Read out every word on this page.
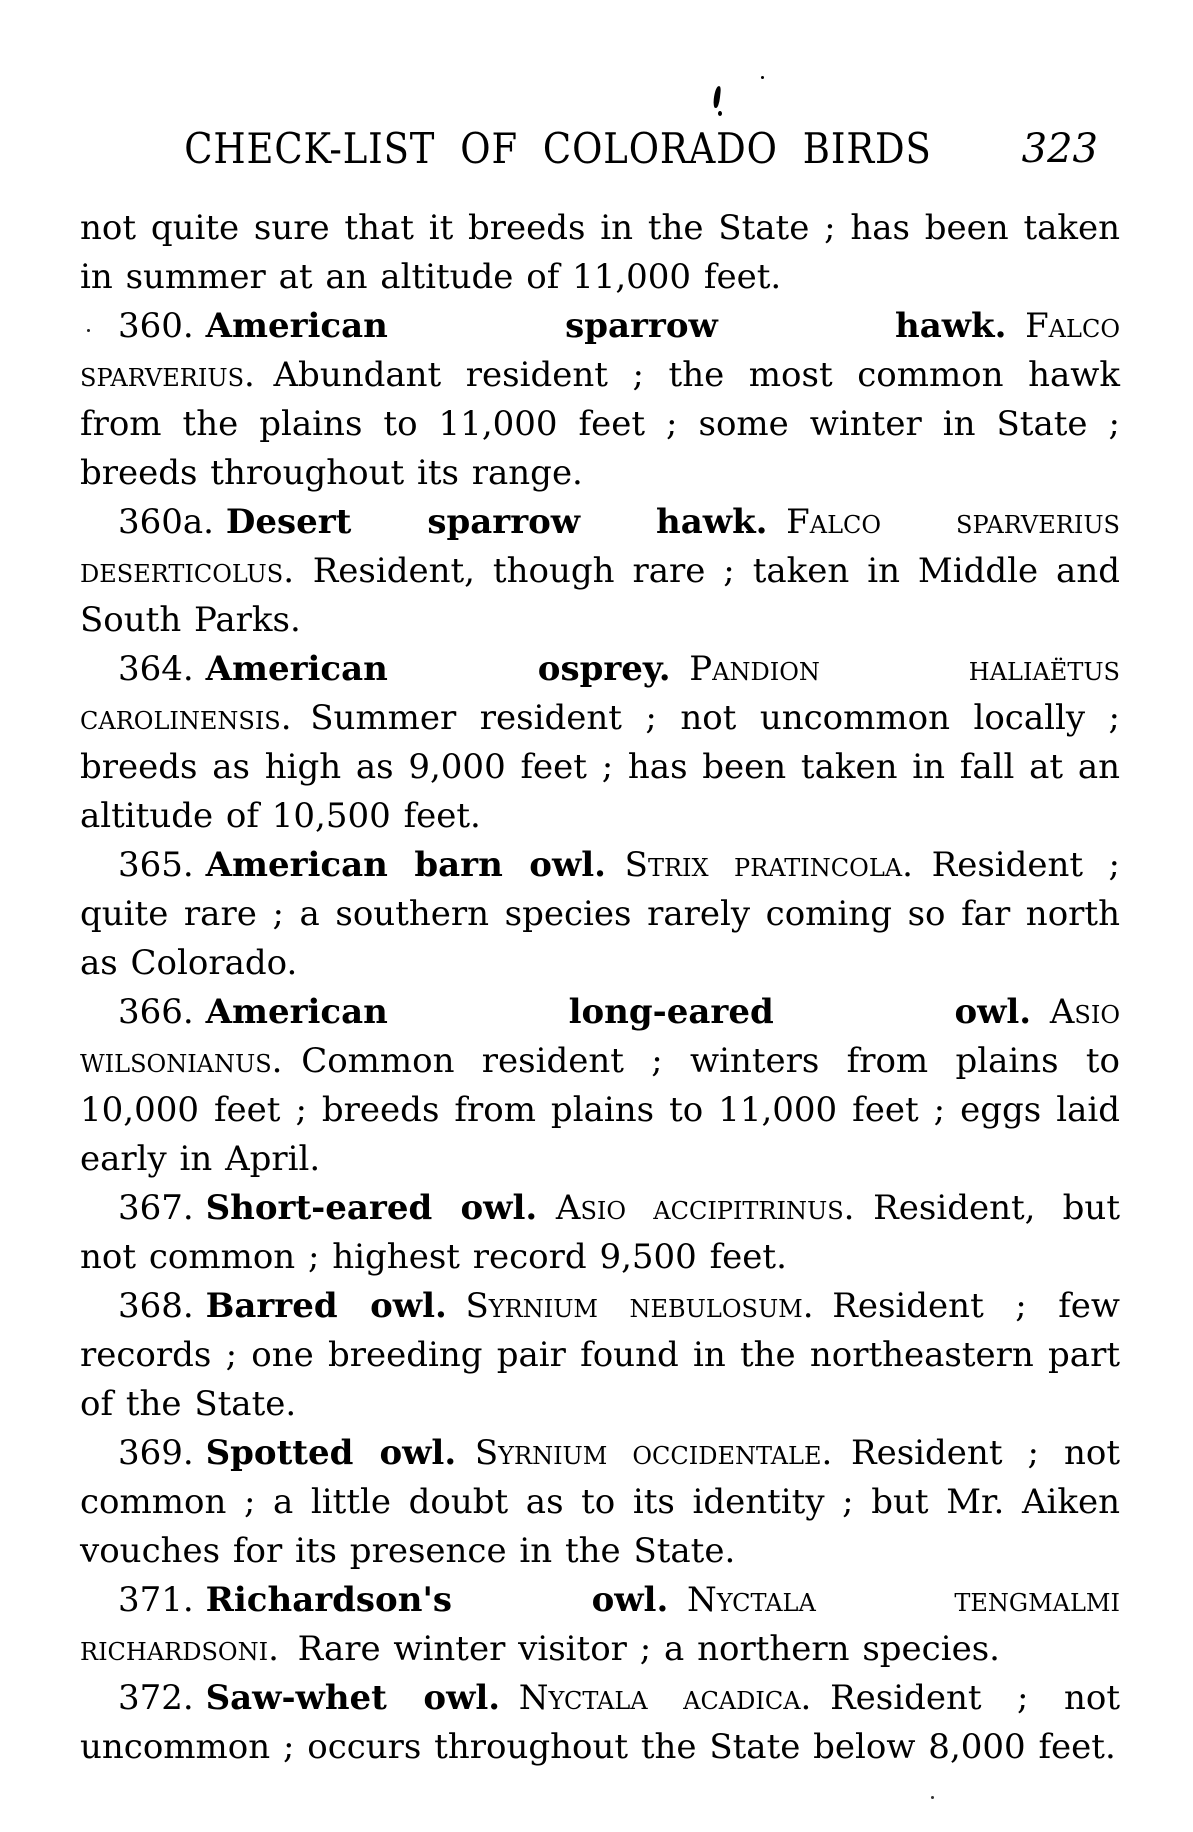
CHECK-LIST OF COLORADO BIRDS	323

not quite sure that it breeds in the State ; has been taken in summer at an altitude of 11,000 feet.

360. American sparrow hawk. Falco sparverius. Abundant resident ; the most common hawk from the plains to 11,000 feet ; some winter in State ; breeds throughout its range.

360a. Desert sparrow hawk. Falco sparverius deserticolus. Resident, though rare ; taken in Middle and South Parks.

364. American osprey. Pandion haliaëtus carolinensis. Summer resident ; not uncommon locally ; breeds as high as 9,000 feet ; has been taken in fall at an altitude of 10,500 feet.

365. American barn owl. Strix pratincola. Resident ; quite rare ; a southern species rarely coming so far north as Colorado.

366. American long-eared owl. Asio wilsonianus. Common resident ; winters from plains to 10,000 feet ; breeds from plains to 11,000 feet ; eggs laid early in April.

367. Short-eared owl. Asio accipitrinus. Resident, but not common ; highest record 9,500 feet.

368. Barred owl. Syrnium nebulosum. Resident ; few records ; one breeding pair found in the northeastern part of the State.

369. Spotted owl. Syrnium occidentale. Resident ; not common ; a little doubt as to its identity ; but Mr. Aiken vouches for its presence in the State.

371. Richardson's owl. Nyctala tengmalmi richardsoni. Rare winter visitor ; a northern species.

372. Saw-whet owl. Nyctala acadica. Resident ; not uncommon ; occurs throughout the State below 8,000 feet.
